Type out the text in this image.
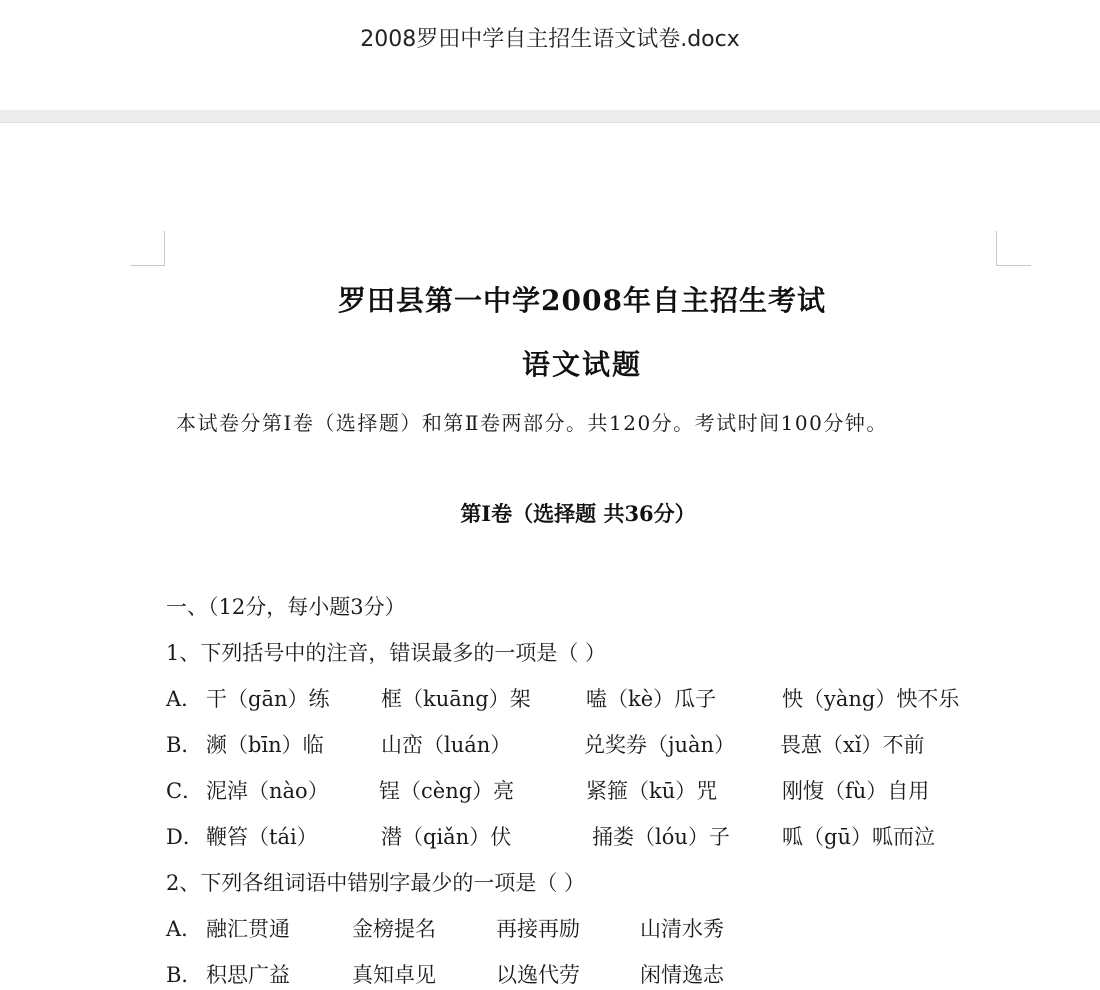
2008罗田中学自主招生语文试卷.docx
罗田县第一中学2008年自主招生考试
语文试题
本试卷分第Ⅰ卷（选择题）和第Ⅱ卷两部分。共120分。考试时间100分钟。
第Ⅰ卷（选择题 共36分）
一、（12分，每小题3分）
1、下列括号中的注音，错误最多的一项是（ ）
A． 干（gān）练 框（kuāng）架	嗑（kè）瓜子	怏（yàng）怏不乐
B． 濒（bīn）临	山峦（luán）	兑奖券（juàn） 畏葸（xǐ）不前
C． 泥淖（nào） 锃（cèng）亮	紧箍（kū）咒	刚愎（fù）自用
D． 鞭笞（tái）	潜（qiǎn）伏	捅娄（lóu）子 呱（gū）呱而泣
2、下列各组词语中错别字最少的一项是（ ）
A． 融汇贯通	金榜提名	再接再励	山清水秀
B． 积思广益	真知卓见	以逸代劳	闲情逸志
